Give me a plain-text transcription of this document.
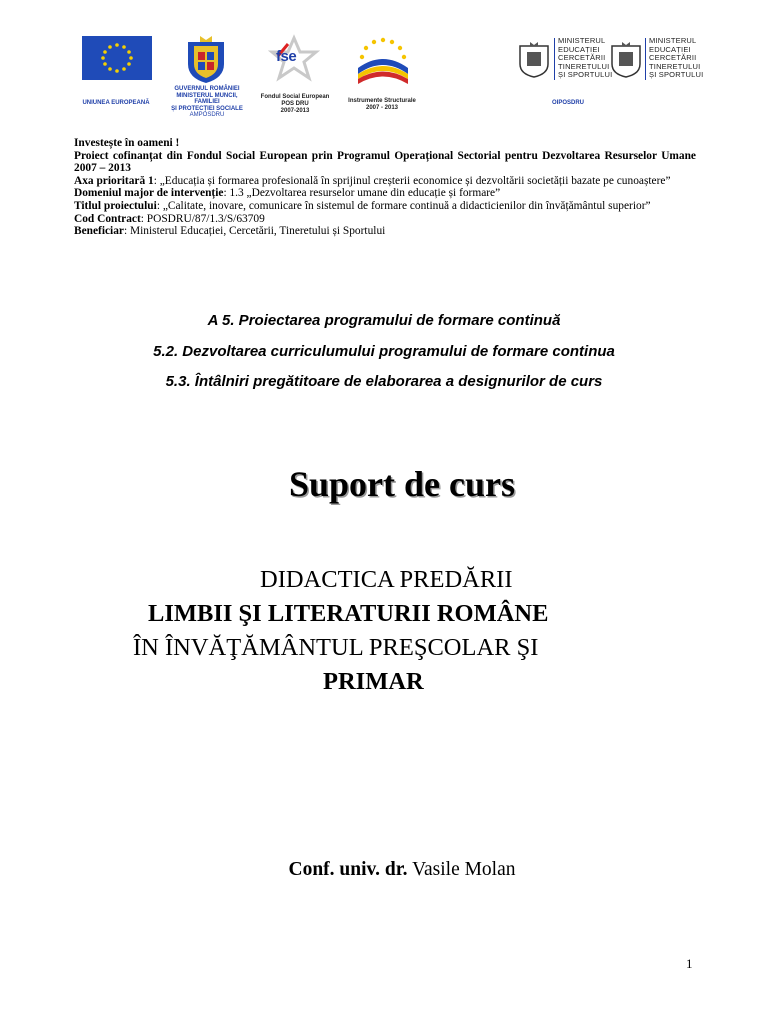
UNIUNEA EUROPEANĂ
GUVERNUL ROMÂNIEI
MINISTERUL MUNCII,
FAMILIEI
ȘI PROTECȚIEI SOCIALE
AMPOSDRU
fse
Fondul Social European
POS DRU
2007-2013
Instrumente Structurale
2007 - 2013
MINISTERUL
EDUCAȚIEI
CERCETĂRII
TINERETULUI
ȘI SPORTULUI
MINISTERUL
EDUCAȚIEI
CERCETĂRII
TINERETULUI
ȘI SPORTULUI
OIPOSDRU
Investește în oameni !
Proiect cofinanțat din Fondul Social European prin Programul Operațional Sectorial pentru Dezvoltarea Resurselor Umane 2007 – 2013
Axa prioritară 1: „Educația și formarea profesională în sprijinul creșterii economice și dezvoltării societății bazate pe cunoaștere”
Domeniul major de intervenție: 1.3 „Dezvoltarea resurselor umane din educație și formare”
Titlul proiectului: „Calitate, inovare, comunicare în sistemul de formare continuă a didacticienilor din învățământul superior”
Cod Contract: POSDRU/87/1.3/S/63709
Beneficiar: Ministerul Educației, Cercetării, Tineretului și Sportului
A 5. Proiectarea programului de formare continuă
5.2. Dezvoltarea curriculumului programului de formare continua
5.3. Întâlniri pregătitoare de elaborarea a designurilor de curs
Suport de curs
DIDACTICA PREDĂRII
LIMBII ŞI LITERATURII ROMÂNE
ÎN ÎNVĂŢĂMÂNTUL PREŞCOLAR ŞI
PRIMAR
Conf. univ. dr. Vasile Molan
1
